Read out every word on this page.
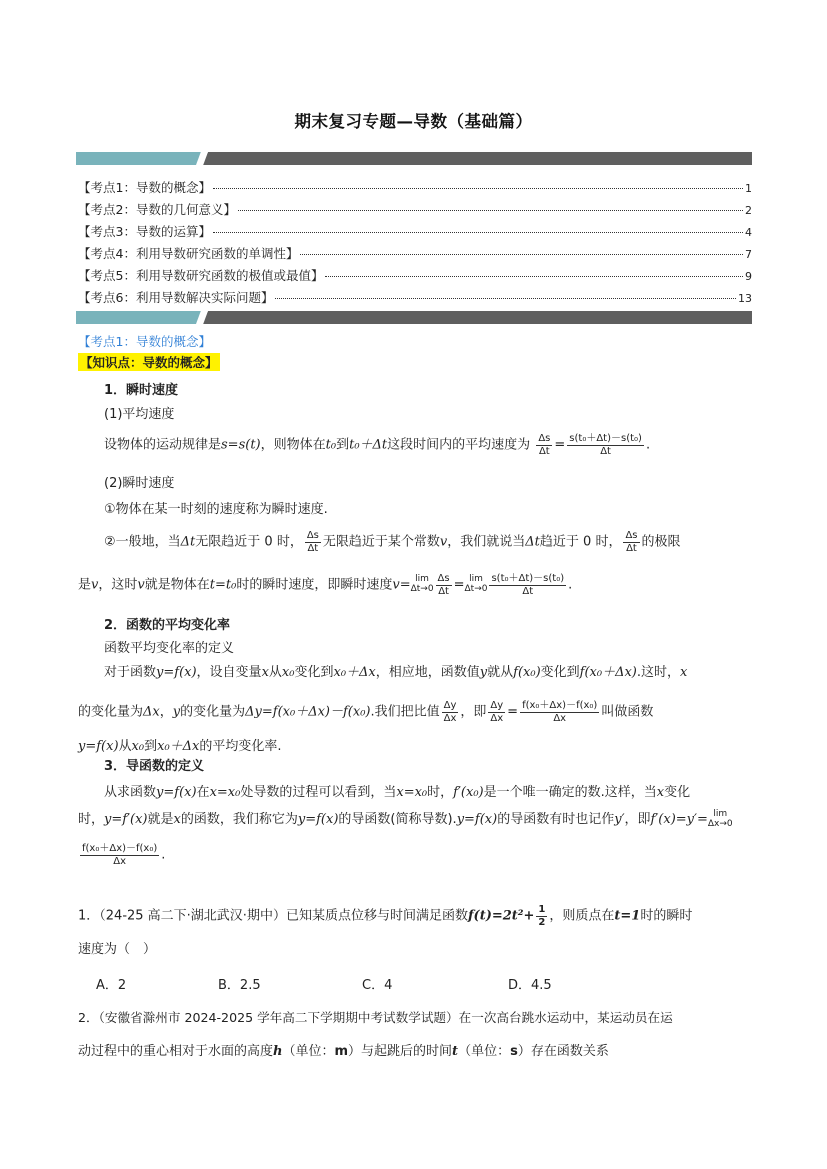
期末复习专题—导数（基础篇）
【考点1：导数的概念】	1
【考点2：导数的几何意义】	2
【考点3：导数的运算】	4
【考点4：利用导数研究函数的单调性】	7
【考点5：利用导数研究函数的极值或最值】	9
【考点6：利用导数解决实际问题】	13
【考点1：导数的概念】
【知识点：导数的概念】
1．瞬时速度
(1)平均速度
设物体的运动规律是s=s(t)，则物体在t₀到t₀＋Δt这段时间内的平均速度为 $\frac{\Delta s}{\Delta t} = \frac{\text{s(t₀＋Δt)－s(t₀)}}{\Delta t}$ .
(2)瞬时速度
①物体在某一时刻的速度称为瞬时速度.
②一般地，当Δt无限趋近于 0 时， $\frac{\Delta s}{\Delta t}$ 无限趋近于某个常数v，我们就说当Δt趋近于 0 时， $\frac{\Delta s}{\Delta t}$ 的极限
是v，这时v就是物体在t=t₀时的瞬时速度，即瞬时速度v= lim
$\Delta t\to 0 \frac{\Delta s}{\Delta t} = \lim$
$\Delta t\to 0 \frac{\text{s(t₀＋Δt)－s(t₀)}}{\Delta t}$ .
2．函数的平均变化率
函数平均变化率的定义
对于函数y=f(x)，设自变量x从x₀变化到x₀＋Δx，相应地，函数值y就从f(x₀)变化到f(x₀＋Δx).这时，x
的变化量为Δx，y的变化量为Δy=f(x₀＋Δx)－f(x₀).我们把比值 $\frac{\Delta y}{\Delta x}$ ，即 $\frac{\Delta y}{\Delta x} = \frac{\text{f(x₀＋Δx)－f(x₀)}}{\Delta x}$ 叫做函数
y=f(x)从x₀到x₀＋Δx的平均变化率.
3．导函数的定义
从求函数y=f(x)在x=x₀处导数的过程可以看到，当x=x₀时，f′(x₀)是一个唯一确定的数.这样，当x变化
时，y=f′(x)就是x的函数，我们称它为y=f(x)的导函数(简称导数).y=f(x)的导函数有时也记作y′，即f′(x)=y′= lim
Δx→0
$\frac{\text{f(x₀＋Δx)－f(x₀)}}{\Delta x}$ .
1．（24-25 高二下·湖北武汉·期中）已知某质点位移与时间满足函数$f(t)=2t^2+ \frac{1}{2}$ ，则质点在t=1时的瞬时
速度为（　）
A．2	B．2.5	C．4	D．4.5
2．（安徽省滁州市 2024-2025 学年高二下学期期中考试数学试题）在一次高台跳水运动中，某运动员在运
动过程中的重心相对于水面的高度h（单位：m）与起跳后的时间t（单位：s）存在函数关系
